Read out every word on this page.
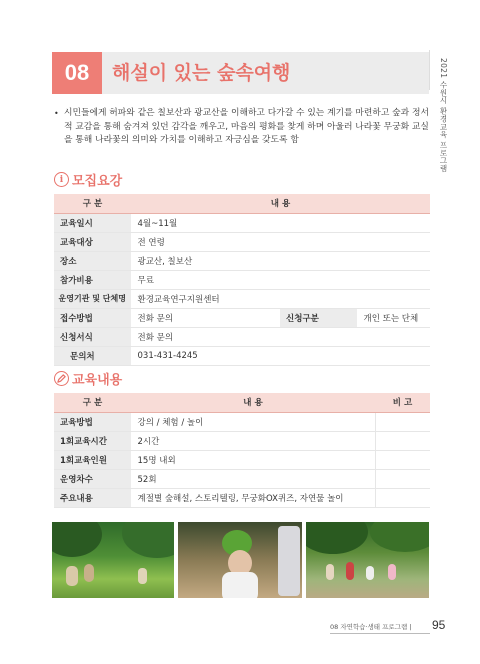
2021 수원시 환경교육 프로그램
08	해설이 있는 숲속여행
• 시민들에게 허파와 같은 칠보산과 광교산을 이해하고 다가갈 수 있는 계기를 마련하고 숲과 정서적 교감을 통해 숨겨져 있던 감각을 깨우고, 마음의 평화를 찾게 하며 아울러 나라꽃 무궁화 교실을 통해 나라꽃의 의미와 가치를 이해하고 자긍심을 갖도록 함
i 모집요강
구 분	내 용		
교육일시	4월~11월		
교육대상	전 연령		
장소	광교산, 칠보산		
참가비용	무료		
운영기관 및 단체명	환경교육연구지원센터		
접수방법	전화 문의	신청구분	개인 또는 단체
신청서식	전화 문의		
문의처	031-431-4245		
교육내용
구 분	내 용	비 고
교육방법	강의 / 체험 / 놀이	
1회교육시간	2시간	
1회교육인원	15명 내외	
운영차수	52회	
주요내용	계절별 숲해설, 스토리텔링, 무궁화OX퀴즈, 자연물 놀이	
08 자연학습·생태 프로그램 | 95
